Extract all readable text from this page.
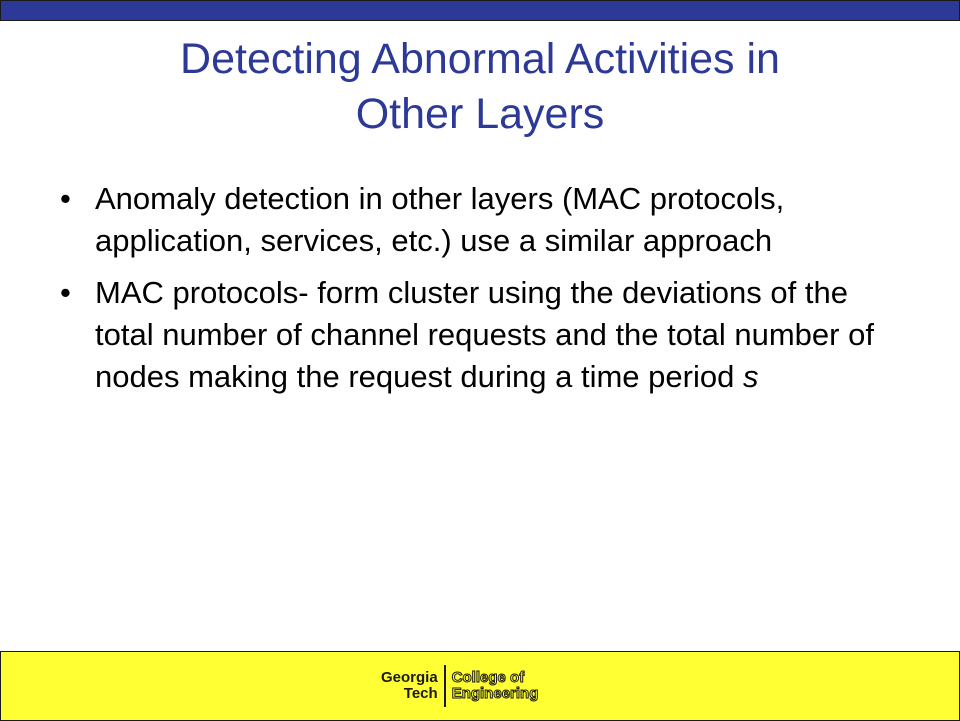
Detecting Abnormal Activities in
Other Layers
• Anomaly detection in other layers (MAC protocols, application, services, etc.) use a similar approach
• MAC protocols- form cluster using the deviations of the total number of channel requests and the total number of nodes making the request during a time period s
Georgia
Tech
College of
Engineering
